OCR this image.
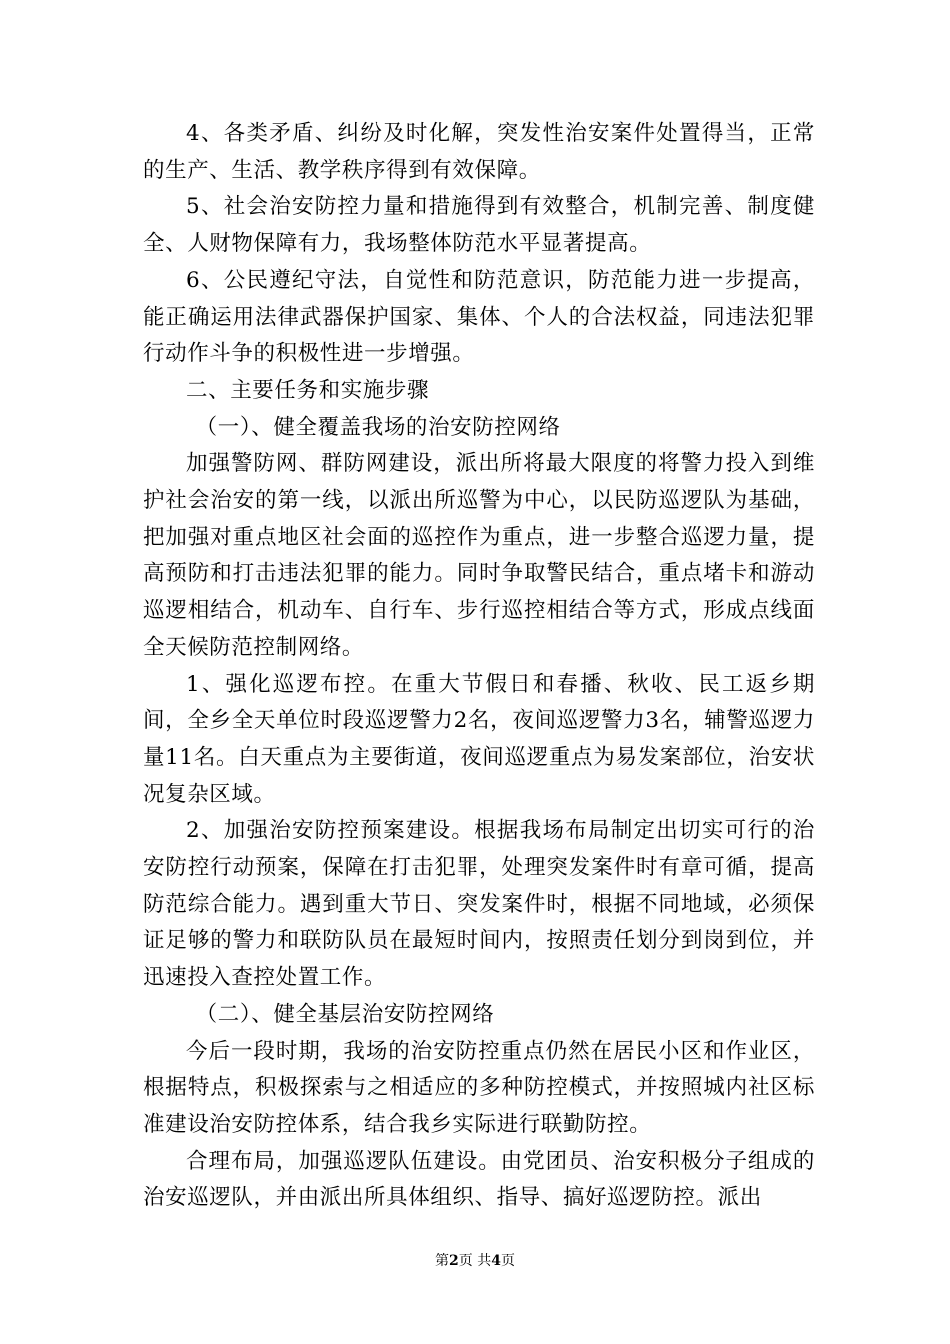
4、各类矛盾、纠纷及时化解，突发性治安案件处置得当，正常的生产、生活、教学秩序得到有效保障。

5、社会治安防控力量和措施得到有效整合，机制完善、制度健全、人财物保障有力，我场整体防范水平显著提高。

6、公民遵纪守法，自觉性和防范意识，防范能力进一步提高，能正确运用法律武器保护国家、集体、个人的合法权益，同违法犯罪行动作斗争的积极性进一步增强。

二、主要任务和实施步骤

（一）、健全覆盖我场的治安防控网络

加强警防网、群防网建设，派出所将最大限度的将警力投入到维护社会治安的第一线，以派出所巡警为中心，以民防巡逻队为基础，把加强对重点地区社会面的巡控作为重点，进一步整合巡逻力量，提高预防和打击违法犯罪的能力。同时争取警民结合，重点堵卡和游动巡逻相结合，机动车、自行车、步行巡控相结合等方式，形成点线面全天候防范控制网络。

1、强化巡逻布控。在重大节假日和春播、秋收、民工返乡期间，全乡全天单位时段巡逻警力2名，夜间巡逻警力3名，辅警巡逻力量11名。白天重点为主要街道，夜间巡逻重点为易发案部位，治安状况复杂区域。

2、加强治安防控预案建设。根据我场布局制定出切实可行的治安防控行动预案，保障在打击犯罪，处理突发案件时有章可循，提高防范综合能力。遇到重大节日、突发案件时，根据不同地域，必须保证足够的警力和联防队员在最短时间内，按照责任划分到岗到位，并迅速投入查控处置工作。

（二）、健全基层治安防控网络

今后一段时期，我场的治安防控重点仍然在居民小区和作业区，根据特点，积极探索与之相适应的多种防控模式，并按照城内社区标准建设治安防控体系，结合我乡实际进行联勤防控。

合理布局，加强巡逻队伍建设。由党团员、治安积极分子组成的治安巡逻队，并由派出所具体组织、指导、搞好巡逻防控。派出

第2页 共4页
